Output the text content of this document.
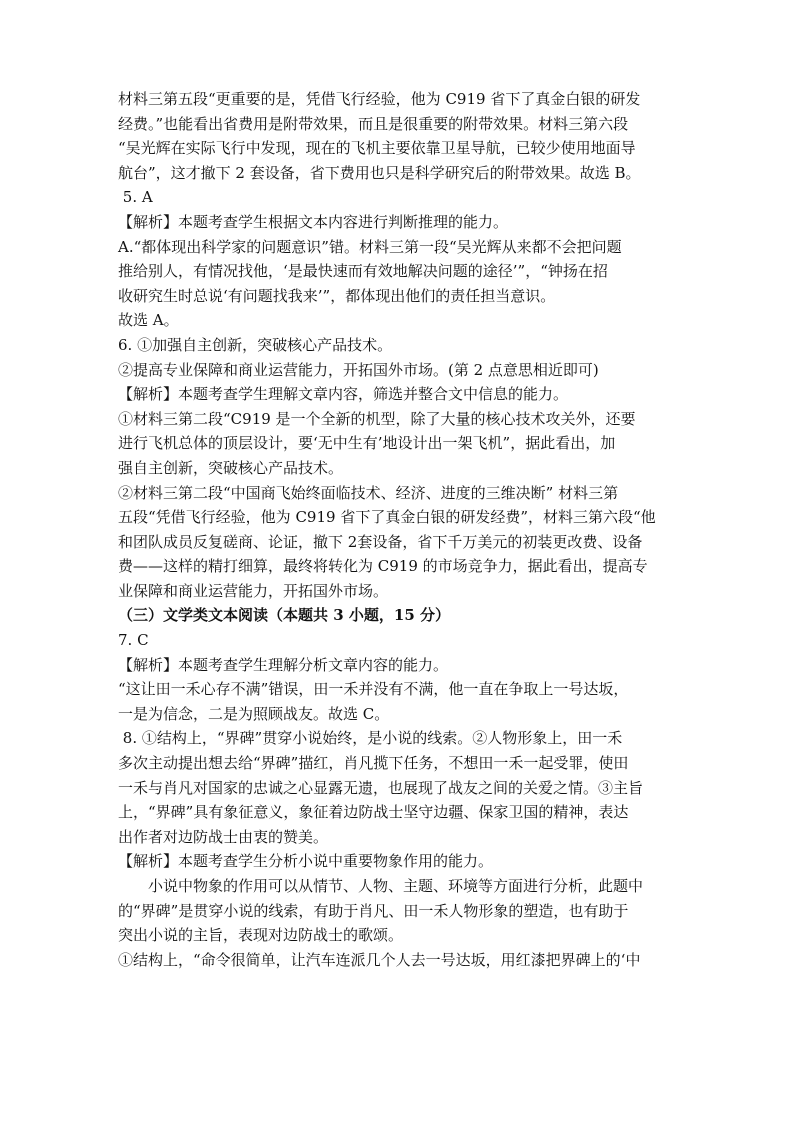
材料三第五段“更重要的是，凭借飞行经验，他为 C919 省下了真金白银的研发

经费。”也能看出省费用是附带效果，而且是很重要的附带效果。材料三第六段

“吴光辉在实际飞行中发现，现在的飞机主要依靠卫星导航，已较少使用地面导

航台”，这才撤下 2 套设备，省下费用也只是科学研究后的附带效果。故选 B。

5. A

【解析】本题考查学生根据文本内容进行判断推理的能力。

A.“都体现出科学家的问题意识”错。材料三第一段“吴光辉从来都不会把问题

推给别人，有情况找他，‘是最快速而有效地解决问题的途径’”，“钟扬在招

收研究生时总说‘有问题找我来’”，都体现出他们的责任担当意识。

故选 A。

6. ①加强自主创新，突破核心产品技术。

②提高专业保障和商业运营能力，开拓国外市场。(第 2 点意思相近即可)

【解析】本题考查学生理解文章内容，筛选并整合文中信息的能力。

①材料三第二段“C919 是一个全新的机型，除了大量的核心技术攻关外，还要

进行飞机总体的顶层设计，要‘无中生有’地设计出一架飞机”，据此看出，加

强自主创新，突破核心产品技术。

②材料三第二段“中国商飞始终面临技术、经济、进度的三维决断” 材料三第

五段“凭借飞行经验，他为 C919 省下了真金白银的研发经费”，材料三第六段“他

和团队成员反复磋商、论证，撤下 2套设备，省下千万美元的初装更改费、设备

费——这样的精打细算，最终将转化为 C919 的市场竞争力，据此看出，提高专

业保障和商业运营能力，开拓国外市场。

（三）文学类文本阅读（本题共 3 小题，15 分）

7. C

【解析】本题考查学生理解分析文章内容的能力。

“这让田一禾心存不满”错误，田一禾并没有不满，他一直在争取上一号达坂，

一是为信念，二是为照顾战友。故选 C。

8. ①结构上，“界碑”贯穿小说始终，是小说的线索。②人物形象上，田一禾

多次主动提出想去给“界碑”描红，肖凡揽下任务，不想田一禾一起受罪，使田

一禾与肖凡对国家的忠诚之心显露无遗，也展现了战友之间的关爱之情。③主旨

上，“界碑”具有象征意义，象征着边防战士坚守边疆、保家卫国的精神，表达

出作者对边防战士由衷的赞美。

【解析】本题考查学生分析小说中重要物象作用的能力。

小说中物象的作用可以从情节、人物、主题、环境等方面进行分析，此题中

的“界碑”是贯穿小说的线索，有助于肖凡、田一禾人物形象的塑造，也有助于

突出小说的主旨，表现对边防战士的歌颂。

①结构上，“命令很简单，让汽车连派几个人去一号达坂，用红漆把界碑上的‘中
